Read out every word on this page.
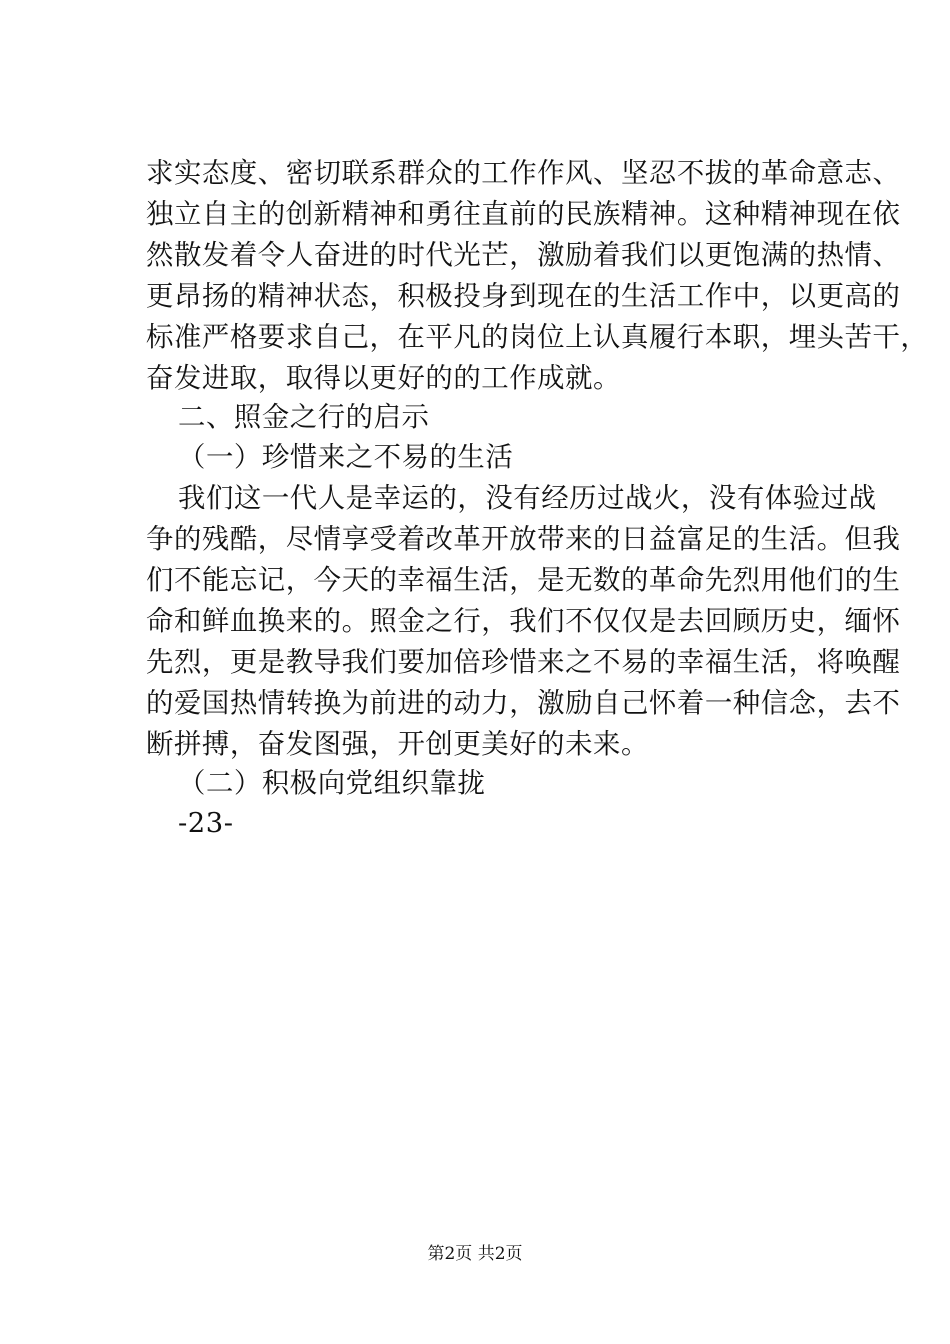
求实态度、密切联系群众的工作作风、坚忍不拔的革命意志、
独立自主的创新精神和勇往直前的民族精神。这种精神现在依
然散发着令人奋进的时代光芒，激励着我们以更饱满的热情、
更昂扬的精神状态，积极投身到现在的生活工作中，以更高的
标准严格要求自己，在平凡的岗位上认真履行本职，埋头苦干，
奋发进取，取得以更好的的工作成就。
二、照金之行的启示
（一）珍惜来之不易的生活
我们这一代人是幸运的，没有经历过战火，没有体验过战
争的残酷，尽情享受着改革开放带来的日益富足的生活。但我
们不能忘记，今天的幸福生活，是无数的革命先烈用他们的生
命和鲜血换来的。照金之行，我们不仅仅是去回顾历史，缅怀
先烈，更是教导我们要加倍珍惜来之不易的幸福生活，将唤醒
的爱国热情转换为前进的动力，激励自己怀着一种信念，去不
断拼搏，奋发图强，开创更美好的未来。
（二）积极向党组织靠拢
-23-
第2页 共2页
